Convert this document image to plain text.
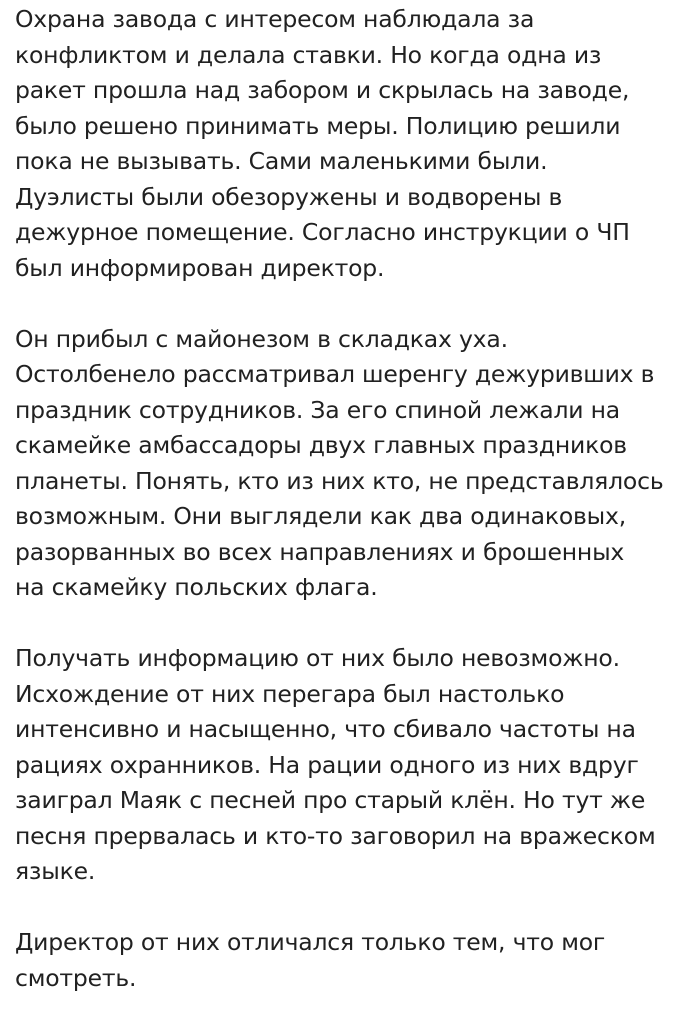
Охрана завода с интересом наблюдала за
конфликтом и делала ставки. Но когда одна из
ракет прошла над забором и скрылась на заводе,
было решено принимать меры. Полицию решили
пока не вызывать. Сами маленькими были.
Дуэлисты были обезоружены и водворены в
дежурное помещение. Согласно инструкции о ЧП
был информирован директор.

Он прибыл с майонезом в складках уха.
Остолбенело рассматривал шеренгу дежуривших в
праздник сотрудников. За его спиной лежали на
скамейке амбассадоры двух главных праздников
планеты. Понять, кто из них кто, не представлялось
возможным. Они выглядели как два одинаковых,
разорванных во всех направлениях и брошенных
на скамейку польских флага.

Получать информацию от них было невозможно.
Исхождение от них перегара был настолько
интенсивно и насыщенно, что сбивало частоты на
рациях охранников. На рации одного из них вдруг
заиграл Маяк с песней про старый клён. Но тут же
песня прервалась и кто-то заговорил на вражеском
языке.

Директор от них отличался только тем, что мог
смотреть.
